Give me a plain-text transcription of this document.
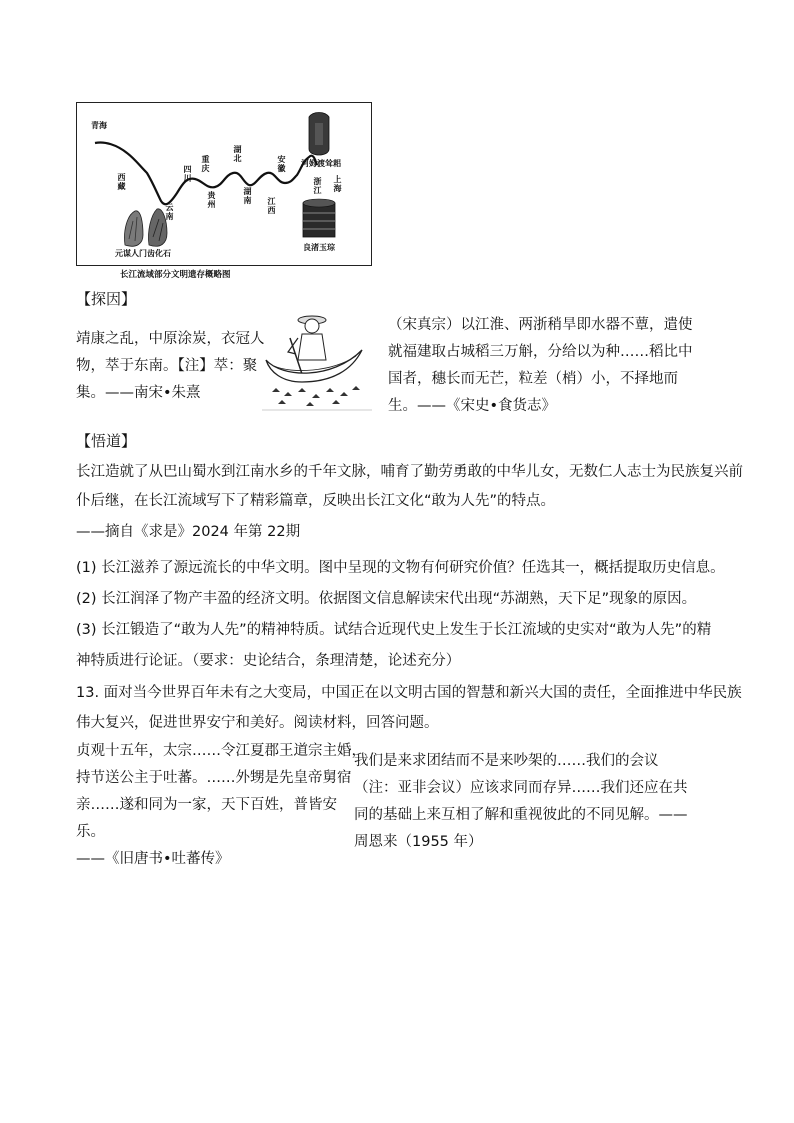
青海
西藏
云南
四川
重庆
贵州
湖北
湖南
安徽
江西
浙江 上海
元谋人门齿化石
河姆渡耸耜
良渚玉琮
长江流域部分文明遗存概略图
【探因】
靖康之乱，中原涂炭，衣冠人
物，萃于东南。【注】萃：聚
集。——南宋•朱熹
（宋真宗）以江淮、两浙稍旱即水器不蕈，遣使
就福建取占城稻三万斛，分给以为种……稻比中
国者，穗长而无芒，粒差（梢）小，不择地而
生。——《宋史•食货志》
【悟道】
长江造就了从巴山蜀水到江南水乡的千年文脉，哺育了勤劳勇敢的中华儿女，无数仁人志士为民族复兴前
仆后继，在长江流域写下了精彩篇章，反映出长江文化“敢为人先”的特点。
——摘自《求是》2024 年第 22期
(1) 长江滋养了源远流长的中华文明。图中呈现的文物有何研究价值？任选其一，概括提取历史信息。
(2) 长江润泽了物产丰盈的经济文明。依据图文信息解读宋代出现“苏湖熟，天下足”现象的原因。
(3) 长江锻造了“敢为人先”的精神特质。试结合近现代史上发生于长江流域的史实对“敢为人先”的精
神特质进行论证。（要求：史论结合，条理清楚，论述充分）
13. 面对当今世界百年未有之大变局，中国正在以文明古国的智慧和新兴大国的责任，全面推进中华民族
伟大复兴，促进世界安宁和美好。阅读材料，回答问题。
贞观十五年，太宗……令江夏郡王道宗主婚，
持节送公主于吐蕃。……外甥是先皇帝舅宿
亲……遂和同为一家，天下百姓，普皆安
乐。
——《旧唐书•吐蕃传》
我们是来求团结而不是来吵架的……我们的会议
（注：亚非会议）应该求同而存异……我们还应在共
同的基础上来互相了解和重视彼此的不同见解。——
周恩来（1955 年）
